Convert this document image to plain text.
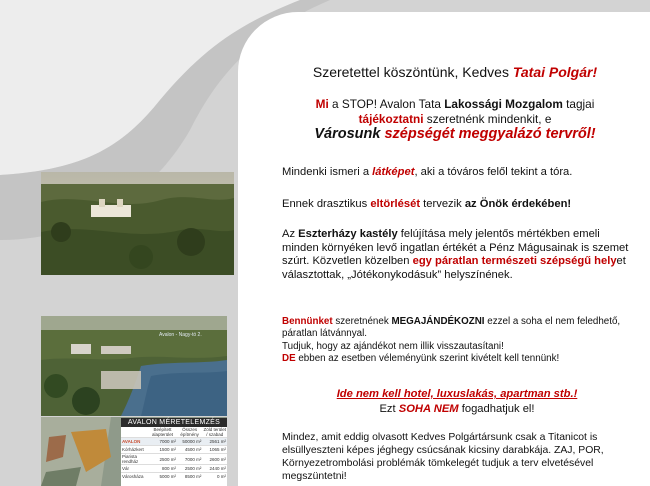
Avalon - Nagy-tó 2.
AVALON MÉRETELEMZÉS
	Beépített alapterület	Összes építmény	Zöld terület / szabad
AVALON	7000 m²	50000 m²	2561 m²
Kórházkert	1500 m²	4500 m²	1065 m²
Piarista rendház	2500 m²	7000 m²	2600 m²
Vár	800 m²	2500 m²	2440 m²
Városháza	5000 m²	8500 m²	0 m²
Szeretettel köszöntünk, Kedves Tatai Polgár!
Mi a STOP! Avalon Tata Lakossági Mozgalom tagjai
tájékoztatni szeretnénk mindenkit, e
Városunk szépségét meggyalázó tervről!
Mindenki ismeri a látképet, aki a tóváros felől tekint a tóra.
Ennek drasztikus eltörlését tervezik az Önök érdekében!
Az Eszterházy kastély felújítása mely jelentős mértékben emeli minden környéken levő ingatlan értékét a Pénz Mágusainak is szemet szúrt. Közvetlen közelben egy páratlan természeti szépségű helyet választottak, „Jótékonykodásuk” helyszínének.
Bennünket szeretnének MEGAJÁNDÉKOZNI ezzel a soha el nem feledhető, páratlan látvánnyal.
Tudjuk, hogy az ajándékot nem illik visszautasítani!
DE ebben az esetben véleményünk szerint kivételt kell tennünk!
Ide nem kell hotel, luxuslakás, apartman stb.!
Ezt SOHA NEM fogadhatjuk el!
Mindez, amit eddig olvasott Kedves Polgártársunk csak a Titanicot is elsüllyeszteni képes jéghegy csúcsának kicsiny darabkája. ZAJ, POR, Környezetrombolási problémák tömkelegét tudjuk a terv elvetésével megszüntetni!
